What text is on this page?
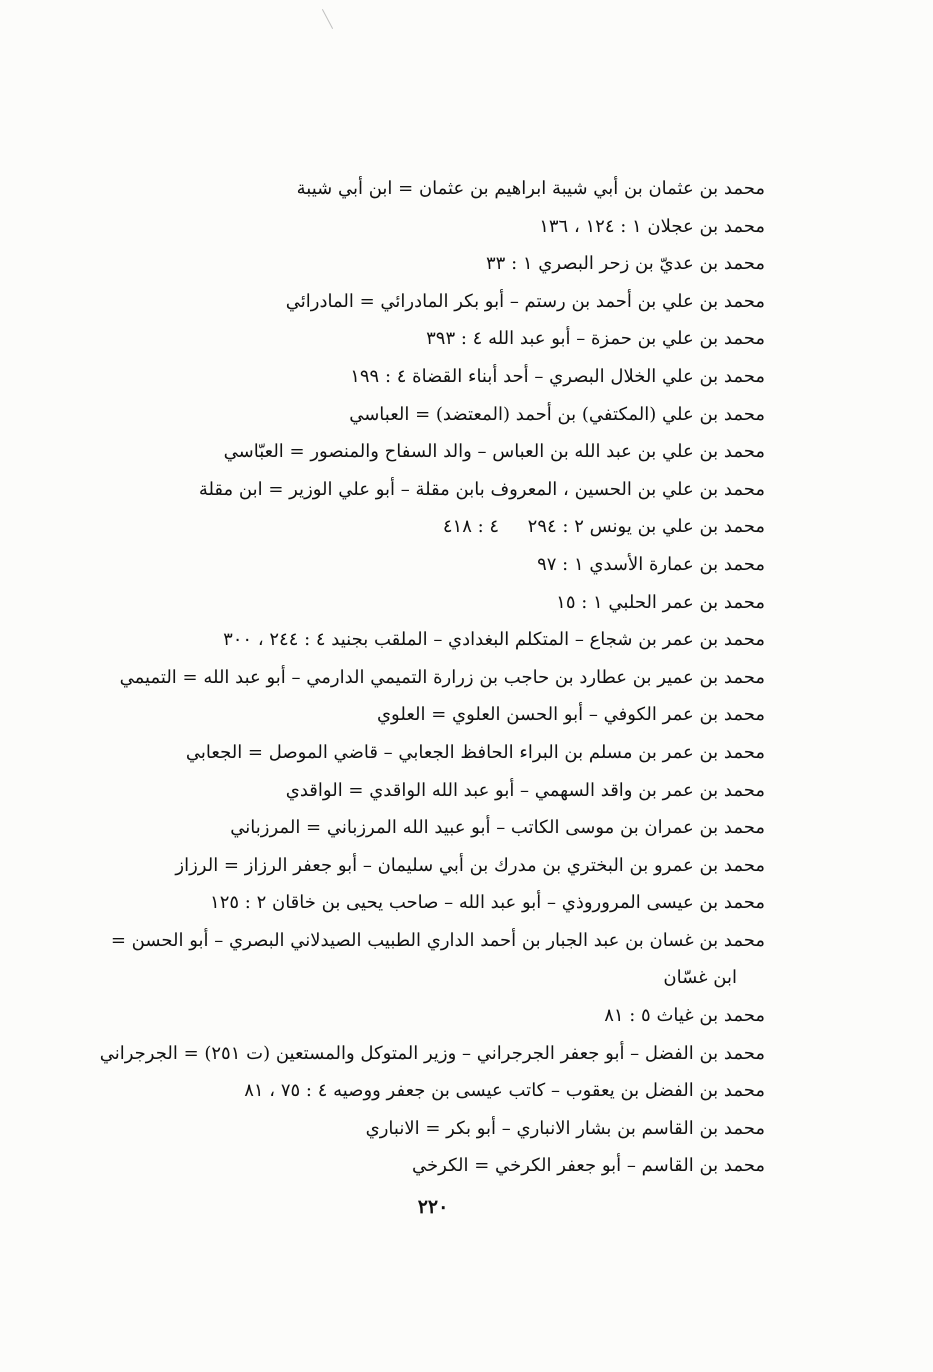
محمد بن عثمان بن أبي شيبة ابراهيم بن عثمان = ابن أبي شيبة
محمد بن عجلان ١ : ١٢٤ ، ١٣٦
محمد بن عديّ بن زحر البصري ١ : ٣٣
محمد بن علي بن أحمد بن رستم – أبو بكر المادرائي = المادرائي
محمد بن علي بن حمزة – أبو عبد الله ٤ : ٣٩٣
محمد بن علي الخلال البصري – أحد أبناء القضاة ٤ : ١٩٩
محمد بن علي (المكتفي) بن أحمد (المعتضد) = العباسي
محمد بن علي بن عبد الله بن العباس – والد السفاح والمنصور = العبّاسي
محمد بن علي بن الحسين ، المعروف بابن مقلة – أبو علي الوزير = ابن مقلة
محمد بن علي بن يونس ٢ : ٢٩٤     ٤ : ٤١٨
محمد بن عمارة الأسدي ١ : ٩٧
محمد بن عمر الحلبي ١ : ١٥
محمد بن عمر بن شجاع – المتكلم البغدادي – الملقب بجنيد ٤ : ٢٤٤ ، ٣٠٠
محمد بن عمير بن عطارد بن حاجب بن زرارة التميمي الدارمي – أبو عبد الله = التميمي
محمد بن عمر الكوفي – أبو الحسن العلوي = العلوي
محمد بن عمر بن مسلم بن البراء الحافظ الجعابي – قاضي الموصل = الجعابي
محمد بن عمر بن واقد السهمي – أبو عبد الله الواقدي = الواقدي
محمد بن عمران بن موسى الكاتب – أبو عبيد الله المرزباني = المرزباني
محمد بن عمرو بن البختري بن مدرك بن أبي سليمان – أبو جعفر الرزاز = الرزاز
محمد بن عيسى المروروذي – أبو عبد الله – صاحب يحيى بن خاقان ٢ : ١٢٥
محمد بن غسان بن عبد الجبار بن أحمد الداري الطبيب الصيدلاني البصري – أبو الحسن =
ابن غسّان
محمد بن غياث ٥ : ٨١
محمد بن الفضل – أبو جعفر الجرجراني – وزير المتوكل والمستعين (ت ٢٥١) = الجرجراني
محمد بن الفضل بن يعقوب – كاتب عيسى بن جعفر ووصيه ٤ : ٧٥ ، ٨١
محمد بن القاسم بن بشار الانباري – أبو بكر = الانباري
محمد بن القاسم – أبو جعفر الكرخي = الكرخي
٢٢٠
